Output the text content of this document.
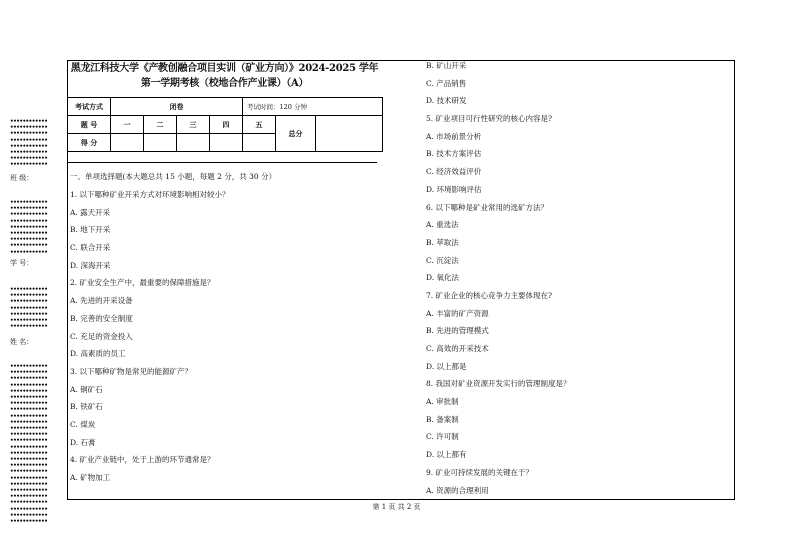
••••••••••••
••••••••••••
••••••••••••
••••••••••••
••••••••••••
••••••••••••
••••••••••••
••••••••••••
班 级：
••••••••••••
••••••••••••
••••••••••••
••••••••••••
••••••••••••
••••••••••••
••••••••••••
••••••••••••
••••••••••••
学 号：
••••••••••••
••••••••••••
••••••••••••
••••••••••••
••••••••••••
••••••••••••
••••••••••••
姓 名：
••••••••••••
••••••••••••
••••••••••••
••••••••••••
••••••••••••
••••••••••••
••••••••••••
••••••••••••
••••••••••••
••••••••••••
••••••••••••
••••••••••••
••••••••••••
••••••••••••
••••••••••••
••••••••••••
••••••••••••
••••••••••••
••••••••••••
••••••••••••
••••••••••••
••••••••••••
••••••••••••
••••••••••••
••••••••••••
••••••••••••
黑龙江科技大学《产教创融合项目实训（矿业方向）》2024-2025 学年
第一学期考核（校地合作产业课）（A）
考试方式	闭卷				考试时间：120 分钟		
题 号	一	二	三	四	五	总分	
得 分							
一、单项选择题(本大题总共 15 小题，每题 2 分，共 30 分）
1. 以下哪种矿业开采方式对环境影响相对较小？
A. 露天开采
B. 地下开采
C. 联合开采
D. 深海开采
2. 矿业安全生产中，最重要的保障措施是？
A. 先进的开采设备
B. 完善的安全制度
C. 充足的资金投入
D. 高素质的员工
3. 以下哪种矿物是常见的能源矿产？
A. 铜矿石
B. 铁矿石
C. 煤炭
D. 石膏
4. 矿业产业链中，处于上游的环节通常是？
A. 矿物加工
B. 矿山开采
C. 产品销售
D. 技术研发
5. 矿业项目可行性研究的核心内容是?
A. 市场前景分析
B. 技术方案评估
C. 经济效益评价
D. 环境影响评估
6. 以下哪种是矿业常用的选矿方法？
A. 重选法
B. 萃取法
C. 沉淀法
D. 氧化法
7. 矿业企业的核心竞争力主要体现在?
A. 丰富的矿产资源
B. 先进的管理模式
C. 高效的开采技术
D. 以上都是
8. 我国对矿业资源开发实行的管理制度是？
A. 审批制
B. 备案制
C. 许可制
D. 以上都有
9. 矿业可持续发展的关键在于？
A. 资源的合理利用
第 1 页 共 2 页
